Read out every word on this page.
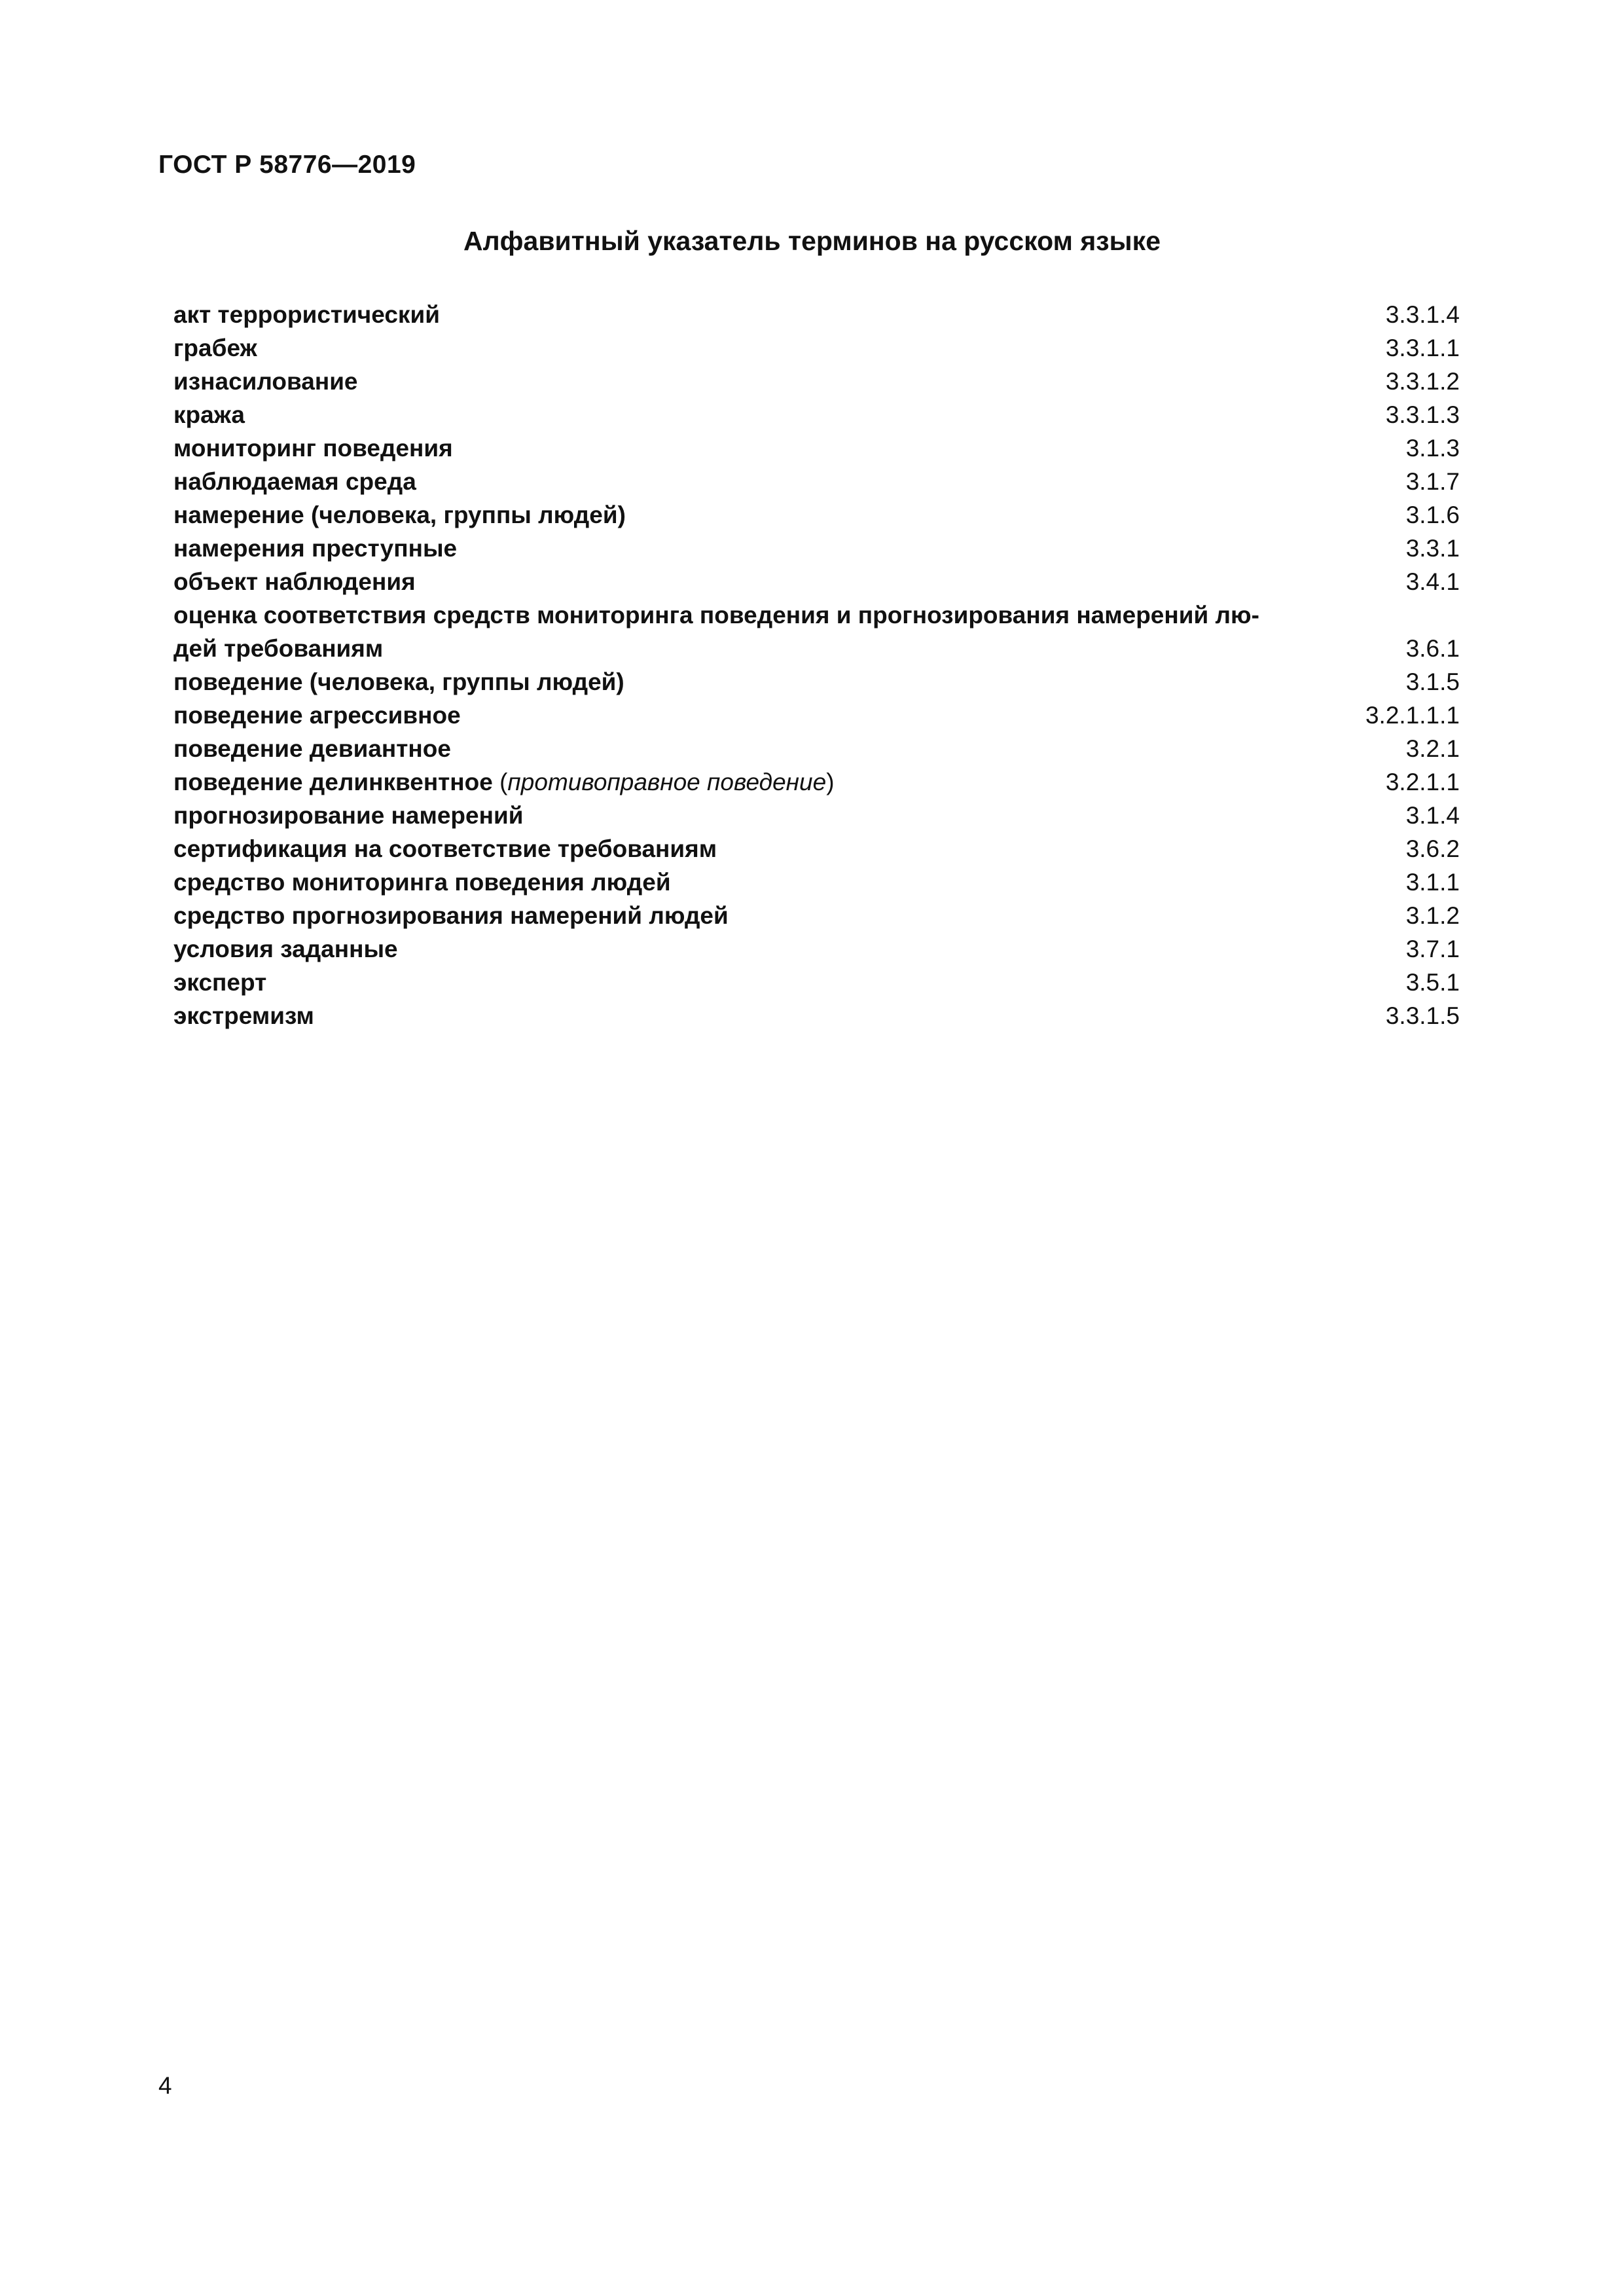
ГОСТ Р 58776—2019
Алфавитный указатель терминов на русском языке
акт террористический	3.3.1.4
грабеж	3.3.1.1
изнасилование	3.3.1.2
кража	3.3.1.3
мониторинг поведения	3.1.3
наблюдаемая среда	3.1.7
намерение (человека, группы людей)	3.1.6
намерения преступные	3.3.1
объект наблюдения	3.4.1
оценка соответствия средств мониторинга поведения и прогнозирования намерений лю-
дей требованиям	3.6.1
поведение (человека, группы людей)	3.1.5
поведение агрессивное	3.2.1.1.1
поведение девиантное	3.2.1
поведение делинквентное (противоправное поведение)	3.2.1.1
прогнозирование намерений	3.1.4
сертификация на соответствие требованиям	3.6.2
средство мониторинга поведения людей	3.1.1
средство прогнозирования намерений людей	3.1.2
условия заданные	3.7.1
эксперт	3.5.1
экстремизм	3.3.1.5

4
